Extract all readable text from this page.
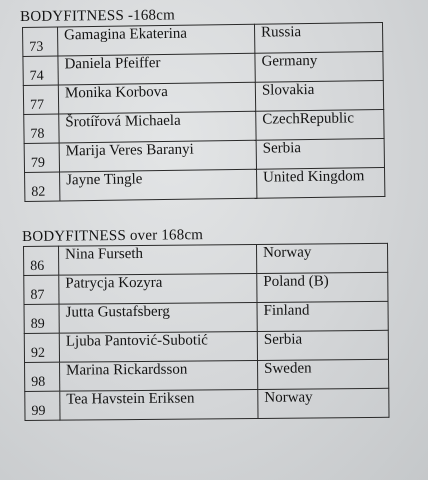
BODYFITNESS -168cm
73	Gamagina Ekaterina	Russia
74	Daniela Pfeiffer	Germany
77	Monika Korbova	Slovakia
78	Šrotířová Michaela	CzechRepublic
79	Marija Veres Baranyi	Serbia
82	Jayne Tingle	United Kingdom
BODYFITNESS over 168cm
86	Nina Furseth	Norway
87	Patrycja Kozyra	Poland (B)
89	Jutta Gustafsberg	Finland
92	Ljuba Pantović-Subotić	Serbia
98	Marina Rickardsson	Sweden
99	Tea Havstein Eriksen	Norway
